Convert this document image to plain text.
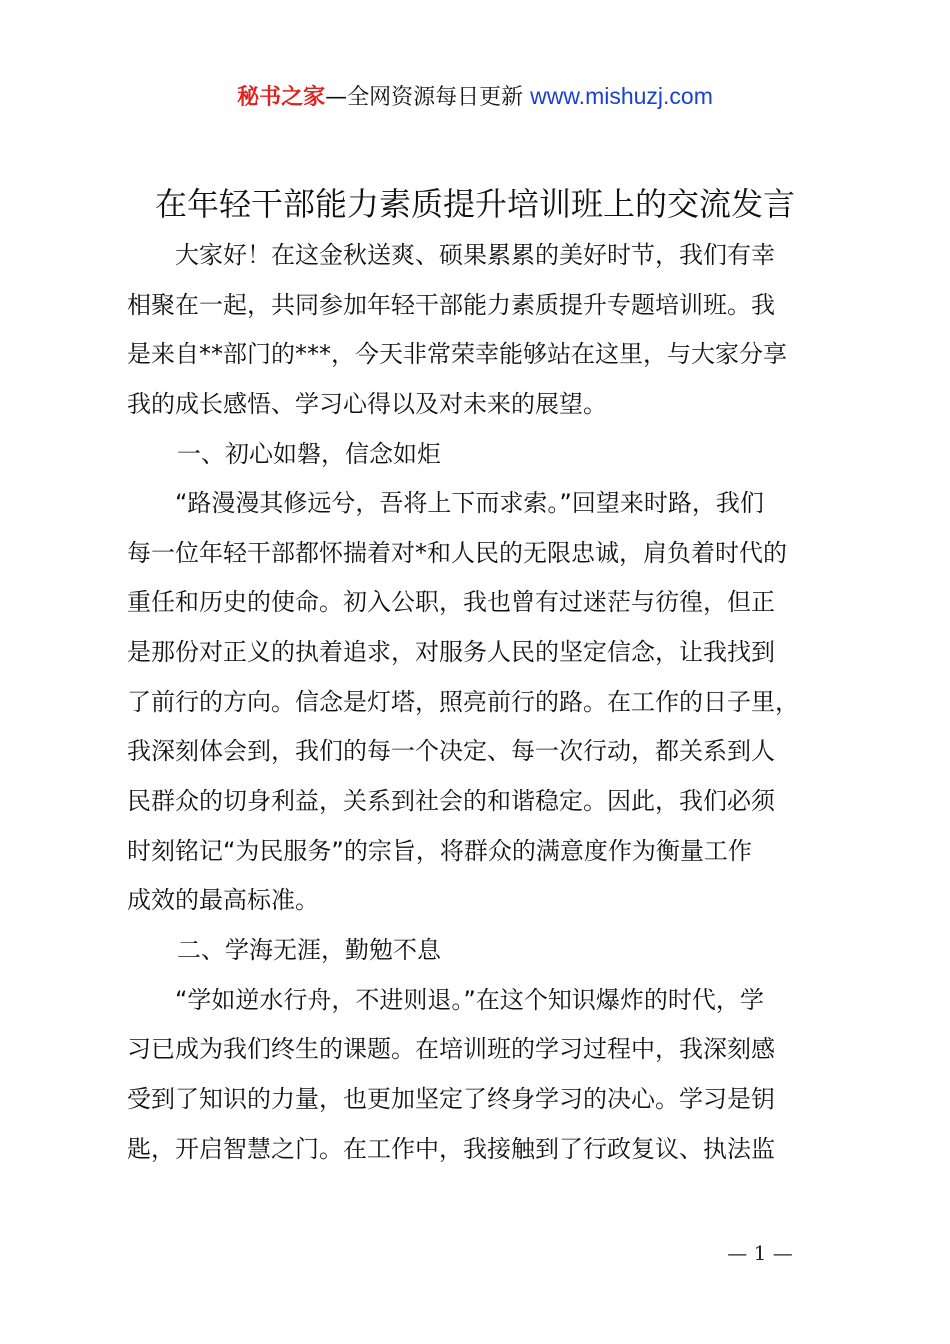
秘书之家—全网资源每日更新 www.mishuzj.com
在年轻干部能力素质提升培训班上的交流发言
　　大家好！在这金秋送爽、硕果累累的美好时节，我们有幸
相聚在一起，共同参加年轻干部能力素质提升专题培训班。我
是来自**部门的***，今天非常荣幸能够站在这里，与大家分享
我的成长感悟、学习心得以及对未来的展望。
一、初心如磐，信念如炬
　　“路漫漫其修远兮，吾将上下而求索。”回望来时路，我们
每一位年轻干部都怀揣着对*和人民的无限忠诚，肩负着时代的
重任和历史的使命。初入公职，我也曾有过迷茫与彷徨，但正
是那份对正义的执着追求，对服务人民的坚定信念，让我找到
了前行的方向。信念是灯塔，照亮前行的路。在工作的日子里，
我深刻体会到，我们的每一个决定、每一次行动，都关系到人
民群众的切身利益，关系到社会的和谐稳定。因此，我们必须
时刻铭记“为民服务”的宗旨，将群众的满意度作为衡量工作
成效的最高标准。
二、学海无涯，勤勉不息
　　“学如逆水行舟，不进则退。”在这个知识爆炸的时代，学
习已成为我们终生的课题。在培训班的学习过程中，我深刻感
受到了知识的力量，也更加坚定了终身学习的决心。学习是钥
匙，开启智慧之门。在工作中，我接触到了行政复议、执法监
— 1 —
